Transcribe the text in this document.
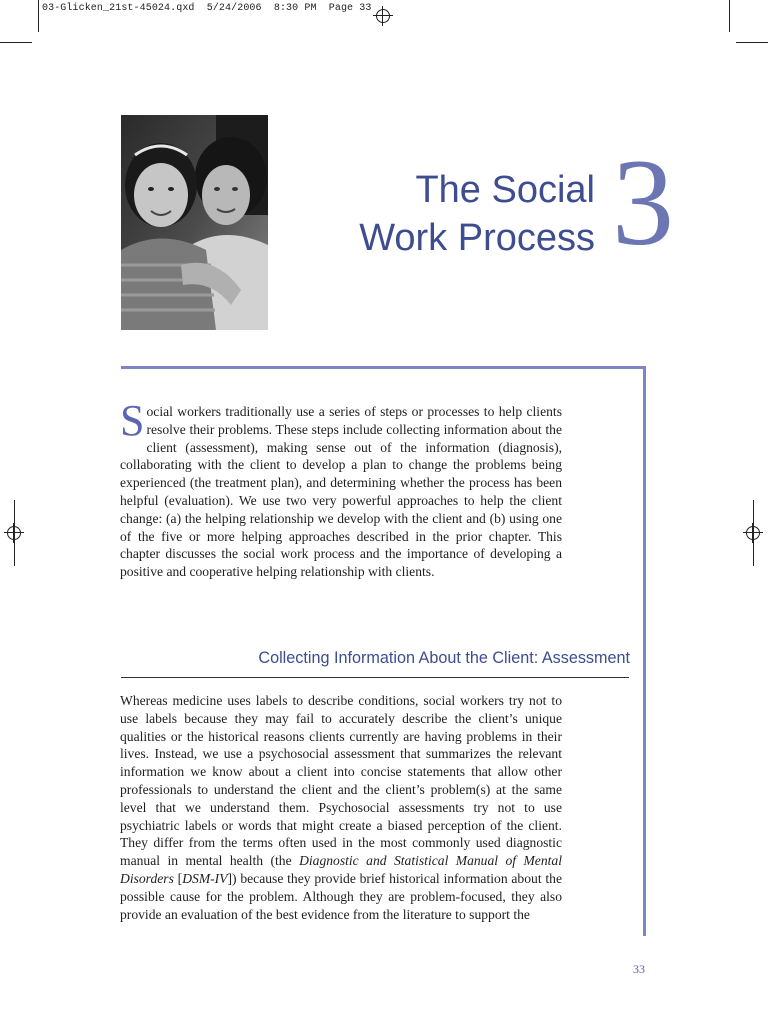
03-Glicken_21st-45024.qxd  5/24/2006  8:30 PM  Page 33
The Social
Work Process 3
Social workers traditionally use a series of steps or processes to help clients resolve their problems. These steps include collecting information about the client (assessment), making sense out of the information (diagnosis), collaborating with the client to develop a plan to change the problems being experienced (the treatment plan), and determining whether the process has been helpful (evaluation). We use two very powerful approaches to help the client change: (a) the helping relationship we develop with the client and (b) using one of the five or more helping approaches described in the prior chapter. This chapter discusses the social work process and the importance of developing a positive and cooperative helping relationship with clients.
Collecting Information About the Client: Assessment
Whereas medicine uses labels to describe conditions, social workers try not to use labels because they may fail to accurately describe the client’s unique qualities or the historical reasons clients currently are having problems in their lives. Instead, we use a psychosocial assessment that summarizes the relevant information we know about a client into concise statements that allow other professionals to understand the client and the client’s problem(s) at the same level that we understand them. Psychosocial assessments try not to use psychiatric labels or words that might create a biased perception of the client. They differ from the terms often used in the most commonly used diagnostic manual in mental health (the Diagnostic and Statistical Manual of Mental Disorders [DSM-IV]) because they provide brief historical information about the possible cause for the problem. Although they are problem-focused, they also provide an evaluation of the best evidence from the literature to support the
33
